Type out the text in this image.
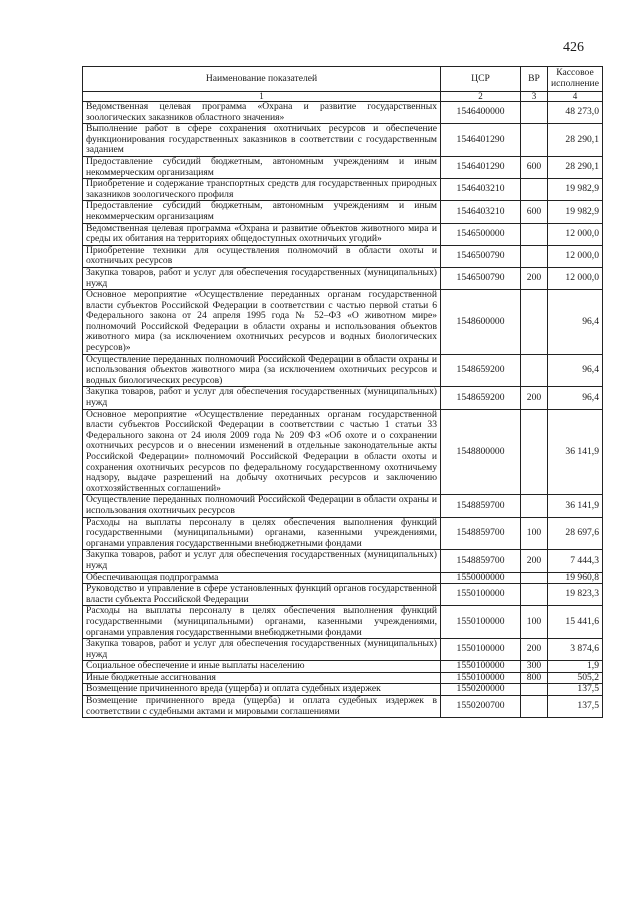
426
Наименование показателей	ЦСР	ВР	Кассовое исполнение
1	2	3	4
Ведомственная целевая программа «Охрана и развитие государственных зоологических заказников областного значения»	1546400000		48 273,0
Выполнение работ в сфере сохранения охотничьих ресурсов и обеспечение функционирования государственных заказников в соответствии с государственным заданием	1546401290		28 290,1
Предоставление субсидий бюджетным, автономным учреждениям и иным некоммерческим организациям	1546401290	600	28 290,1
Приобретение и содержание транспортных средств для государственных природных заказников зоологического профиля	1546403210		19 982,9
Предоставление субсидий бюджетным, автономным учреждениям и иным некоммерческим организациям	1546403210	600	19 982,9
Ведомственная целевая программа «Охрана и развитие объектов животного мира и среды их обитания на территориях общедоступных охотничьих угодий»	1546500000		12 000,0
Приобретение техники для осуществления полномочий в области охоты и охотничьих ресурсов	1546500790		12 000,0
Закупка товаров, работ и услуг для обеспечения государственных (муниципальных) нужд	1546500790	200	12 000,0
Основное мероприятие «Осуществление переданных органам государственной власти субъектов Российской Федерации в соответствии с частью первой статьи 6 Федерального закона от 24 апреля 1995 года № 52–ФЗ «О животном мире» полномочий Российской Федерации в области охраны и использования объектов животного мира (за исключением охотничьих ресурсов и водных биологических ресурсов)»	1548600000		96,4
Осуществление переданных полномочий Российской Федерации в области охраны и использования объектов животного мира (за исключением охотничьих ресурсов и водных биологических ресурсов)	1548659200		96,4
Закупка товаров, работ и услуг для обеспечения государственных (муниципальных) нужд	1548659200	200	96,4
Основное мероприятие «Осуществление переданных органам государственной власти субъектов Российской Федерации в соответствии с частью 1 статьи 33 Федерального закона от 24 июля 2009 года № 209 ФЗ «Об охоте и о сохранении охотничьих ресурсов и о внесении изменений в отдельные законодательные акты Российской Федерации» полномочий Российской Федерации в области охоты и сохранения охотничьих ресурсов по федеральному государственному охотничьему надзору, выдаче разрешений на добычу охотничьих ресурсов и заключению охотхозяйственных соглашений»	1548800000		36 141,9
Осуществление переданных полномочий Российской Федерации в области охраны и использования охотничьих ресурсов	1548859700		36 141,9
Расходы на выплаты персоналу в целях обеспечения выполнения функций государственными (муниципальными) органами, казенными учреждениями, органами управления государственными внебюджетными фондами	1548859700	100	28 697,6
Закупка товаров, работ и услуг для обеспечения государственных (муниципальных) нужд	1548859700	200	7 444,3
Обеспечивающая подпрограмма	1550000000		19 960,8
Руководство и управление в сфере установленных функций органов государственной власти субъекта Российской Федерации	1550100000		19 823,3
Расходы на выплаты персоналу в целях обеспечения выполнения функций государственными (муниципальными) органами, казенными учреждениями, органами управления государственными внебюджетными фондами	1550100000	100	15 441,6
Закупка товаров, работ и услуг для обеспечения государственных (муниципальных) нужд	1550100000	200	3 874,6
Социальное обеспечение и иные выплаты населению	1550100000	300	1,9
Иные бюджетные ассигнования	1550100000	800	505,2
Возмещение причиненного вреда (ущерба) и оплата судебных издержек	1550200000		137,5
Возмещение причиненного вреда (ущерба) и оплата судебных издержек в соответствии с судебными актами и мировыми соглашениями	1550200700		137,5
